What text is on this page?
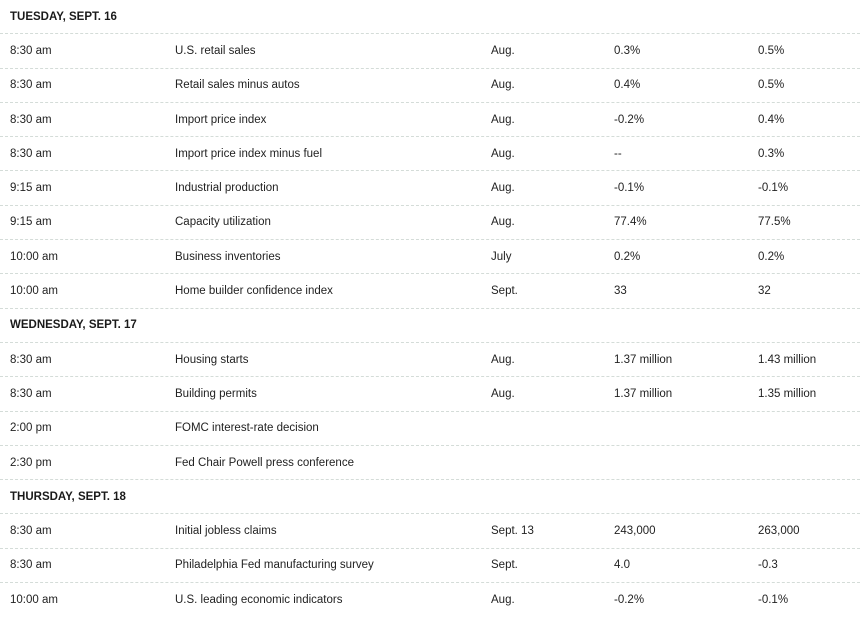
TUESDAY, SEPT. 16
8:30 am	U.S. retail sales	Aug.	0.3%	0.5%
8:30 am	Retail sales minus autos	Aug.	0.4%	0.5%
8:30 am	Import price index	Aug.	-0.2%	0.4%
8:30 am	Import price index minus fuel	Aug.	--	0.3%
9:15 am	Industrial production	Aug.	-0.1%	-0.1%
9:15 am	Capacity utilization	Aug.	77.4%	77.5%
10:00 am	Business inventories	July	0.2%	0.2%
10:00 am	Home builder confidence index	Sept.	33	32
WEDNESDAY, SEPT. 17
8:30 am	Housing starts	Aug.	1.37 million	1.43 million
8:30 am	Building permits	Aug.	1.37 million	1.35 million
2:00 pm	FOMC interest-rate decision
2:30 pm	Fed Chair Powell press conference
THURSDAY, SEPT. 18
8:30 am	Initial jobless claims	Sept. 13	243,000	263,000
8:30 am	Philadelphia Fed manufacturing survey	Sept.	4.0	-0.3
10:00 am	U.S. leading economic indicators	Aug.	-0.2%	-0.1%
